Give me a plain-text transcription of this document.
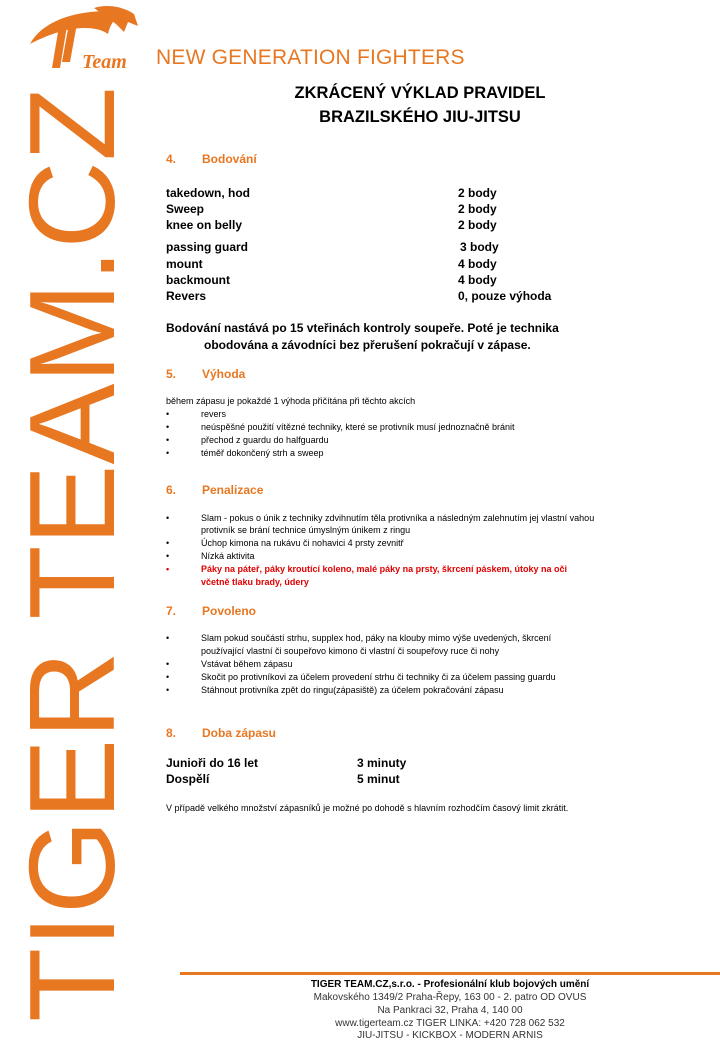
Team NEW GENERATION FIGHTERS
TIGER TEAM.CZ	ZKRÁCENÝ VÝKLAD PRAVIDEL
BRAZILSKÉHO JIU-JITSU
4. Bodování
takedown, hod	2 body
Sweep	2 body
knee on belly	2 body
passing guard	3 body
mount	4 body
backmount	4 body
Revers	0, pouze výhoda
Bodování nastává po 15 vteřinách kontroly soupeře. Poté je technika
obodována a závodníci bez přerušení pokračují v zápase.
5. Výhoda
během zápasu je pokaždé 1 výhoda přičítána při těchto akcích
•	revers
•	neúspěšné použití vítězné techniky, které se protivník musí jednoznačně bránit
•	přechod z guardu do halfguardu
•	téměř dokončený strh a sweep
6. Penalizace
•	Slam - pokus o únik z techniky zdvihnutím těla protivníka a následným zalehnutím jej vlastní vahou
protivník se brání technice úmyslným únikem z ringu
•	Úchop kimona na rukávu či nohavici 4 prsty zevnitř
•	Nízká aktivita
•	Páky na páteř, páky kroutící koleno, malé páky na prsty, škrcení páskem, útoky na oči
včetně tlaku brady, údery
7. Povoleno
•	Slam pokud součástí strhu, supplex hod, páky na klouby mimo výše uvedených, škrcení
používající vlastní či soupeřovo kimono či vlastní či soupeřovy ruce či nohy
•	Vstávat během zápasu
•	Skočit po protivníkovi za účelem provedení strhu či techniky či za účelem passing guardu
•	Stáhnout protivníka zpět do ringu(zápasiště) za účelem pokračování zápasu
8. Doba zápasu
Junioři do 16 let	3 minuty
Dospělí	5 minut
V případě velkého množství zápasníků je možné po dohodě s hlavním rozhodčím časový limit zkrátit.
TIGER TEAM.CZ,s.r.o. - Profesionální klub bojových umění
Makovského 1349/2 Praha-Řepy, 163 00 - 2. patro OD OVUS
Na Pankraci 32, Praha 4, 140 00
www.tigerteam.cz TIGER LINKA: +420 728 062 532
JIU-JITSU - KICKBOX - MODERN ARNIS
